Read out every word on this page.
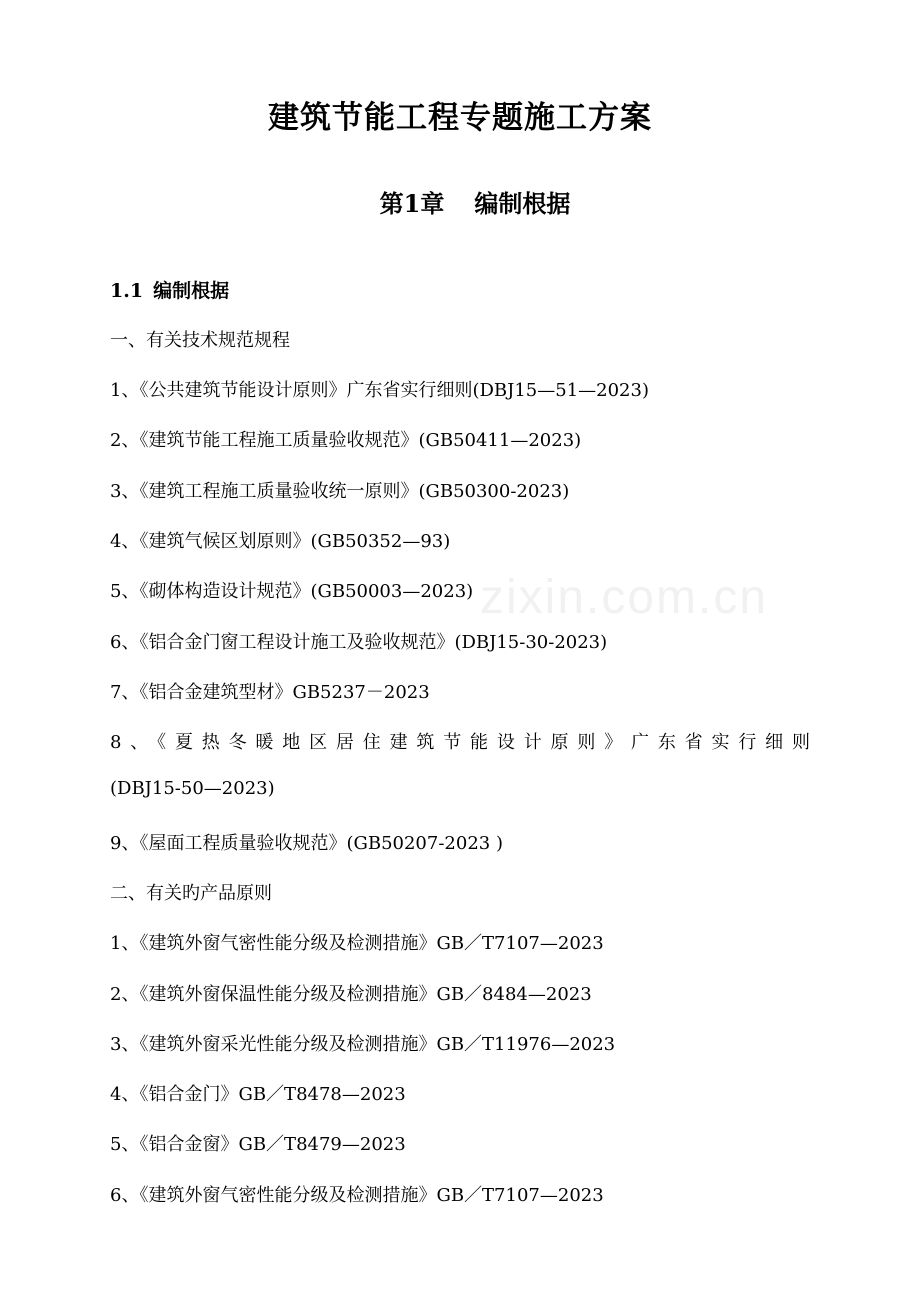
建筑节能工程专题施工方案
第1章 编制根据
1.1 编制根据

一、有关技术规范规程

1、《公共建筑节能设计原则》广东省实行细则(DBJ15—51—2023)

2、《建筑节能工程施工质量验收规范》(GB50411—2023)

3、《建筑工程施工质量验收统一原则》(GB50300-2023)

4、《建筑气候区划原则》(GB50352—93)

5、《砌体构造设计规范》(GB50003—2023)

6、《铝合金门窗工程设计施工及验收规范》(DBJ15-30-2023)

7、《铝合金建筑型材》GB5237－2023

8、《夏热冬暖地区居住建筑节能设计原则》广东省实行细则

(DBJ15-50—2023)

9、《屋面工程质量验收规范》(GB50207-2023 )

二、有关旳产品原则

1、《建筑外窗气密性能分级及检测措施》GB／T7107—2023

2、《建筑外窗保温性能分级及检测措施》GB／8484—2023

3、《建筑外窗采光性能分级及检测措施》GB／T11976—2023

4、《铝合金门》GB／T8478—2023

5、《铝合金窗》GB／T8479—2023

6、《建筑外窗气密性能分级及检测措施》GB／T7107—2023

zixin.com.cn
